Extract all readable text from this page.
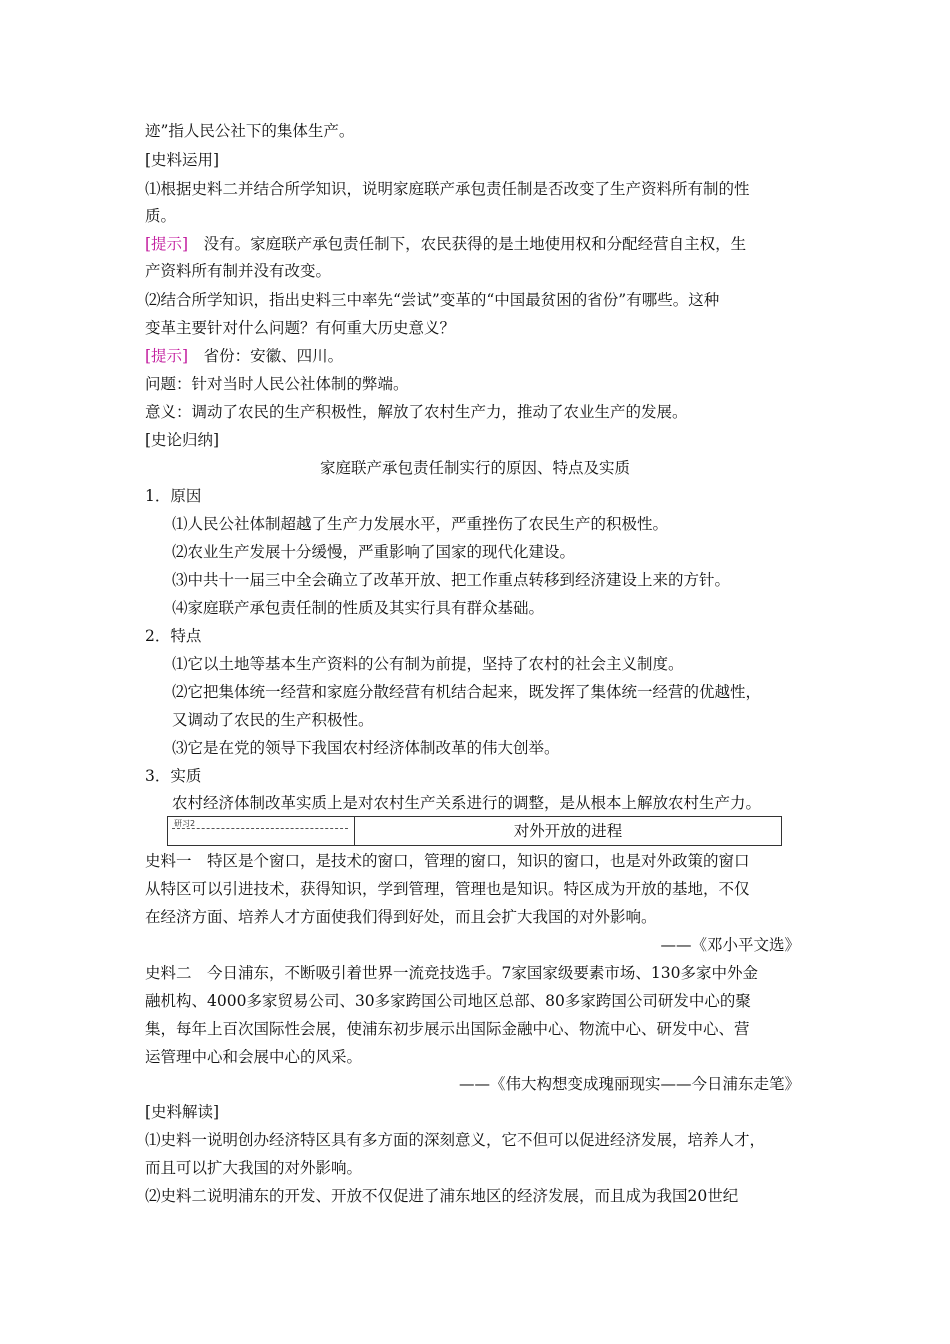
迹”指人民公社下的集体生产。
[史料运用]
⑴根据史料二并结合所学知识，说明家庭联产承包责任制是否改变了生产资料所有制的性
质。
[提示]　 没有。家庭联产承包责任制下，农民获得的是土地使用权和分配经营自主权，生
产资料所有制并没有改变。
⑵结合所学知识，指出史料三中率先“尝试”变革的“中国最贫困的省份”有哪些。这种
变革主要针对什么问题？有何重大历史意义？
[提示]　 省份：安徽、四川。
问题：针对当时人民公社体制的弊端。
意义：调动了农民的生产积极性，解放了农村生产力，推动了农业生产的发展。
[史论归纳]
家庭联产承包责任制实行的原因、特点及实质
1．原因
⑴人民公社体制超越了生产力发展水平，严重挫伤了农民生产的积极性。
⑵农业生产发展十分缓慢，严重影响了国家的现代化建设。
⑶中共十一届三中全会确立了改革开放、把工作重点转移到经济建设上来的方针。
⑷家庭联产承包责任制的性质及其实行具有群众基础。
2．特点
⑴它以土地等基本生产资料的公有制为前提，坚持了农村的社会主义制度。
⑵它把集体统一经营和家庭分散经营有机结合起来，既发挥了集体统一经营的优越性，
又调动了农民的生产积极性。
⑶它是在党的领导下我国农村经济体制改革的伟大创举。
3．实质
农村经济体制改革实质上是对农村生产关系进行的调整，是从根本上解放农村生产力。
研习2	对外开放的进程
史料一　特区是个窗口，是技术的窗口，管理的窗口，知识的窗口，也是对外政策的窗口
从特区可以引进技术，获得知识，学到管理，管理也是知识。特区成为开放的基地，不仅
在经济方面、培养人才方面使我们得到好处，而且会扩大我国的对外影响。
——《邓小平文选》
史料二　今日浦东，不断吸引着世界一流竞技选手。7家国家级要素市场、130多家中外金
融机构、4000多家贸易公司、30多家跨国公司地区总部、80多家跨国公司研发中心的聚
集，每年上百次国际性会展，使浦东初步展示出国际金融中心、物流中心、研发中心、营
运管理中心和会展中心的风采。
——《伟大构想变成瑰丽现实——今日浦东走笔》
[史料解读]
⑴史料一说明创办经济特区具有多方面的深刻意义，它不但可以促进经济发展，培养人才，
而且可以扩大我国的对外影响。
⑵史料二说明浦东的开发、开放不仅促进了浦东地区的经济发展，而且成为我国20世纪
